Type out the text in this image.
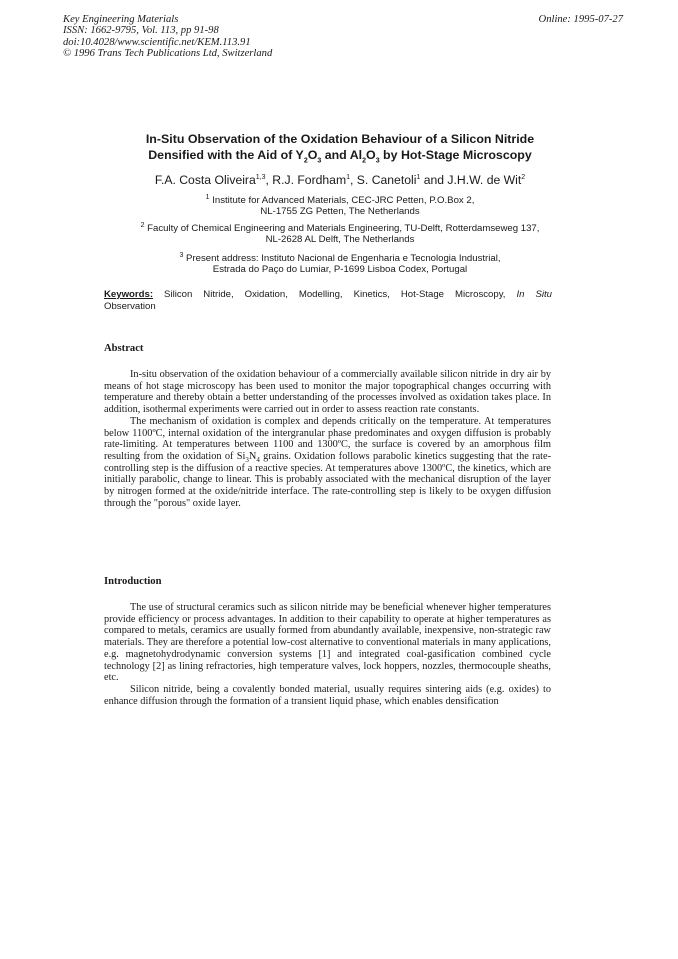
Key Engineering Materials
ISSN: 1662-9795, Vol. 113, pp 91-98
doi:10.4028/www.scientific.net/KEM.113.91
© 1996 Trans Tech Publications Ltd, Switzerland
Online: 1995-07-27
In-Situ Observation of the Oxidation Behaviour of a Silicon Nitride
Densified with the Aid of $Y_2O_3$ and $Al_2O_3$ by Hot-Stage Microscopy
F.A. Costa Oliveira$^{1,3}$, R.J. Fordham$^1$, S. Canetoli$^1$ and J.H.W. de Wit$^2$
$^1$ Institute for Advanced Materials, CEC-JRC Petten, P.O.Box 2,
NL-1755 ZG Petten, The Netherlands
$^2$ Faculty of Chemical Engineering and Materials Engineering, TU-Delft, Rotterdamseweg 137,
NL-2628 AL Delft, The Netherlands
$^3$ Present address: Instituto Nacional de Engenharia e Tecnologia Industrial,
Estrada do Paço do Lumiar, P-1699 Lisboa Codex, Portugal
Keywords: Silicon Nitride, Oxidation, Modelling, Kinetics, Hot-Stage Microscopy, In Situ
Observation
Abstract

In-situ observation of the oxidation behaviour of a commercially available silicon nitride in dry air by means of hot stage microscopy has been used to monitor the major topographical changes occurring with temperature and thereby obtain a better understanding of the processes involved as oxidation takes place. In addition, isothermal experiments were carried out in order to assess reaction rate constants.

The mechanism of oxidation is complex and depends critically on the temperature. At temperatures below 1100ºC, internal oxidation of the intergranular phase predominates and oxygen diffusion is probably rate-limiting. At temperatures between 1100 and 1300ºC, the surface is covered by an amorphous film resulting from the oxidation of $Si_3N_4$ grains. Oxidation follows parabolic kinetics suggesting that the rate-controlling step is the diffusion of a reactive species. At temperatures above 1300ºC, the kinetics, which are initially parabolic, change to linear. This is probably associated with the mechanical disruption of the layer by nitrogen formed at the oxide/nitride interface. The rate-controlling step is likely to be oxygen diffusion through the "porous" oxide layer.

Introduction

The use of structural ceramics such as silicon nitride may be beneficial whenever higher temperatures provide efficiency or process advantages. In addition to their capability to operate at higher temperatures as compared to metals, ceramics are usually formed from abundantly available, inexpensive, non-strategic raw materials. They are therefore a potential low-cost alternative to conventional materials in many applications, e.g. magnetohydrodynamic conversion systems [1] and integrated coal-gasification combined cycle technology [2] as lining refractories, high temperature valves, lock hoppers, nozzles, thermocouple sheaths, etc.

Silicon nitride, being a covalently bonded material, usually requires sintering aids (e.g. oxides) to enhance diffusion through the formation of a transient liquid phase, which enables densification
